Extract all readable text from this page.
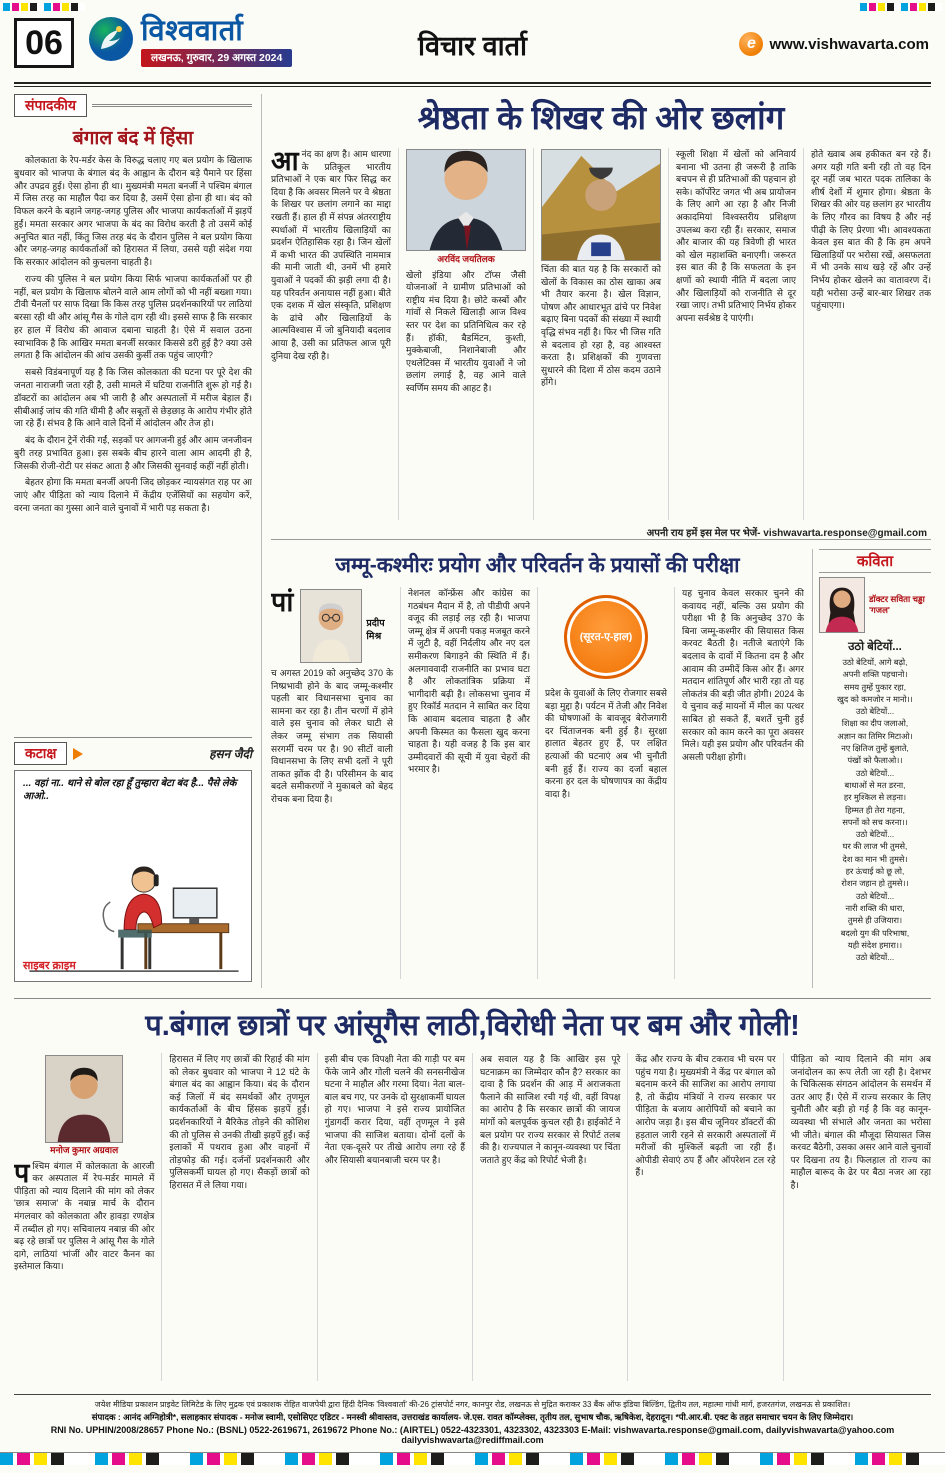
06	विश्ववार्ता
लखनऊ, गुरुवार, 29 अगस्त 2024	विचार वार्ता	e www.vishwavarta.com
संपादकीय
बंगाल बंद में हिंसा

कोलकाता के रेप-मर्डर केस के विरुद्ध चलाए गए बल प्रयोग के खिलाफ बुधवार को भाजपा के बंगाल बंद के आह्वान के दौरान बड़े पैमाने पर हिंसा और उपद्रव हुई। ऐसा होना ही था। मुख्यमंत्री ममता बनर्जी ने पश्चिम बंगाल में जिस तरह का माहौल पैदा कर दिया है, उसमें ऐसा होना ही था। बंद को विफल करने के बहाने जगह-जगह पुलिस और भाजपा कार्यकर्ताओं में झड़पें हुईं। ममता सरकार अगर भाजपा के बंद का विरोध करती है तो उसमें कोई अनुचित बात नहीं, किंतु जिस तरह बंद के दौरान पुलिस ने बल प्रयोग किया और जगह-जगह कार्यकर्ताओं को हिरासत में लिया, उससे यही संदेश गया कि सरकार आंदोलन को कुचलना चाहती है।

राज्य की पुलिस ने बल प्रयोग किया सिर्फ भाजपा कार्यकर्ताओं पर ही नहीं, बल प्रयोग के खिलाफ बोलने वाले आम लोगों को भी नहीं बख्शा गया। टीवी चैनलों पर साफ दिखा कि किस तरह पुलिस प्रदर्शनकारियों पर लाठियां बरसा रही थी और आंसू गैस के गोले दाग रही थी। इससे साफ है कि सरकार हर हाल में विरोध की आवाज दबाना चाहती है। ऐसे में सवाल उठना स्वाभाविक है कि आखिर ममता बनर्जी सरकार किससे डरी हुई है? क्या उसे लगता है कि आंदोलन की आंच उसकी कुर्सी तक पहुंच जाएगी?

सबसे विडंबनापूर्ण यह है कि जिस कोलकाता की घटना पर पूरे देश की जनता नाराजगी जता रही है, उसी मामले में घटिया राजनीति शुरू हो गई है। डॉक्टरों का आंदोलन अब भी जारी है और अस्पतालों में मरीज बेहाल हैं। सीबीआई जांच की गति धीमी है और सबूतों से छेड़छाड़ के आरोप गंभीर होते जा रहे हैं। संभव है कि आने वाले दिनों में आंदोलन और तेज हो।

बंद के दौरान ट्रेनें रोकी गईं, सड़कों पर आगजनी हुई और आम जनजीवन बुरी तरह प्रभावित हुआ। इस सबके बीच हारने वाला आम आदमी ही है, जिसकी रोजी-रोटी पर संकट आता है और जिसकी सुनवाई कहीं नहीं होती।

बेहतर होगा कि ममता बनर्जी अपनी जिद छोड़कर न्यायसंगत राह पर आ जाएं और पीड़िता को न्याय दिलाने में केंद्रीय एजेंसियों का सहयोग करें, वरना जनता का गुस्सा आने वाले चुनावों में भारी पड़ सकता है।

कटाक्ष	हसन जैदी
... वहां ना.. थाने से बोल रहा हूँ तुम्हारा बेटा बंद है... पैसे लेके आओ..
साइबर क्राइम
श्रेष्ठता के शिखर की ओर छलांग
आ नंद का क्षण है। आम धारणा के प्रतिकूल भारतीय प्रतिभाओं ने एक बार फिर सिद्ध कर दिया है कि अवसर मिलने पर वे श्रेष्ठता के शिखर पर छलांग लगाने का माद्दा रखती हैं। हाल ही में संपन्न अंतरराष्ट्रीय स्पर्धाओं में भारतीय खिलाड़ियों का प्रदर्शन ऐतिहासिक रहा है। जिन खेलों में कभी भारत की उपस्थिति नाममात्र की मानी जाती थी, उनमें भी हमारे युवाओं ने पदकों की झड़ी लगा दी है। यह परिवर्तन अनायास नहीं हुआ। बीते एक दशक में खेल संस्कृति, प्रशिक्षण के ढांचे और खिलाड़ियों के आत्मविश्वास में जो बुनियादी बदलाव आया है, उसी का प्रतिफल आज पूरी दुनिया देख रही है।
अरविंद जयतिलक
खेलो इंडिया और टॉप्स जैसी योजनाओं ने ग्रामीण प्रतिभाओं को राष्ट्रीय मंच दिया है। छोटे कस्बों और गांवों से निकले खिलाड़ी आज विश्व स्तर पर देश का प्रतिनिधित्व कर रहे हैं। हॉकी, बैडमिंटन, कुश्ती, मुक्केबाजी, निशानेबाजी और एथलेटिक्स में भारतीय युवाओं ने जो छलांग लगाई है, वह आने वाले स्वर्णिम समय की आहट है।
चिंता की बात यह है कि सरकारों को खेलों के विकास का ठोस खाका अब भी तैयार करना है। खेल विज्ञान, पोषण और आधारभूत ढांचे पर निवेश बढ़ाए बिना पदकों की संख्या में स्थायी वृद्धि संभव नहीं है। फिर भी जिस गति से बदलाव हो रहा है, वह आश्वस्त करता है। प्रशिक्षकों की गुणवत्ता सुधारने की दिशा में ठोस कदम उठाने होंगे।
स्कूली शिक्षा में खेलों को अनिवार्य बनाना भी उतना ही जरूरी है ताकि बचपन से ही प्रतिभाओं की पहचान हो सके। कॉर्पोरेट जगत भी अब प्रायोजन के लिए आगे आ रहा है और निजी अकादमियां विश्वस्तरीय प्रशिक्षण उपलब्ध करा रही हैं। सरकार, समाज और बाजार की यह त्रिवेणी ही भारत को खेल महाशक्ति बनाएगी। जरूरत इस बात की है कि सफलता के इन क्षणों को स्थायी नीति में बदला जाए और खिलाड़ियों को राजनीति से दूर रखा जाए। तभी प्रतिभाएं निर्भय होकर अपना सर्वश्रेष्ठ दे पाएंगी।
होते ख्वाब अब हकीकत बन रहे हैं। अगर यही गति बनी रही तो वह दिन दूर नहीं जब भारत पदक तालिका के शीर्ष देशों में शुमार होगा। श्रेष्ठता के शिखर की ओर यह छलांग हर भारतीय के लिए गौरव का विषय है और नई पीढ़ी के लिए प्रेरणा भी। आवश्यकता केवल इस बात की है कि हम अपने खिलाड़ियों पर भरोसा रखें, असफलता में भी उनके साथ खड़े रहें और उन्हें निर्भय होकर खेलने का वातावरण दें। यही भरोसा उन्हें बार-बार शिखर तक पहुंचाएगा।
अपनी राय हमें इस मेल पर भेजें- vishwavarta.response@gmail.com
जम्मू-कश्मीरः प्रयोग और परिवर्तन के प्रयासों की परीक्षा
पां
प्रदीप मिश्र
च अगस्त 2019 को अनुच्छेद 370 के निष्प्रभावी होने के बाद जम्मू-कश्मीर पहली बार विधानसभा चुनाव का सामना कर रहा है। तीन चरणों में होने वाले इस चुनाव को लेकर घाटी से लेकर जम्मू संभाग तक सियासी सरगर्मी चरम पर है। 90 सीटों वाली विधानसभा के लिए सभी दलों ने पूरी ताकत झोंक दी है। परिसीमन के बाद बदले समीकरणों ने मुकाबले को बेहद रोचक बना दिया है।
नेशनल कॉन्फ्रेंस और कांग्रेस का गठबंधन मैदान में है, तो पीडीपी अपने वजूद की लड़ाई लड़ रही है। भाजपा जम्मू क्षेत्र में अपनी पकड़ मजबूत करने में जुटी है, वहीं निर्दलीय और नए दल समीकरण बिगाड़ने की स्थिति में हैं। अलगाववादी राजनीति का प्रभाव घटा है और लोकतांत्रिक प्रक्रिया में भागीदारी बढ़ी है। लोकसभा चुनाव में हुए रिकॉर्ड मतदान ने साबित कर दिया कि आवाम बदलाव चाहता है और अपनी किस्मत का फैसला खुद करना चाहता है। यही वजह है कि इस बार उम्मीदवारों की सूची में युवा चेहरों की भरमार है।
(सूरत-ए-हाल)
प्रदेश के युवाओं के लिए रोजगार सबसे बड़ा मुद्दा है। पर्यटन में तेजी और निवेश की घोषणाओं के बावजूद बेरोजगारी दर चिंताजनक बनी हुई है। सुरक्षा हालात बेहतर हुए हैं, पर लक्षित हत्याओं की घटनाएं अब भी चुनौती बनी हुई हैं। राज्य का दर्जा बहाल करना हर दल के घोषणापत्र का केंद्रीय वादा है।
यह चुनाव केवल सरकार चुनने की कवायद नहीं, बल्कि उस प्रयोग की परीक्षा भी है कि अनुच्छेद 370 के बिना जम्मू-कश्मीर की सियासत किस करवट बैठती है। नतीजे बताएंगे कि बदलाव के दावों में कितना दम है और आवाम की उम्मीदें किस ओर हैं। अगर मतदान शांतिपूर्ण और भारी रहा तो यह लोकतंत्र की बड़ी जीत होगी। 2024 के ये चुनाव कई मायनों में मील का पत्थर साबित हो सकते हैं, बशर्ते चुनी हुई सरकार को काम करने का पूरा अवसर मिले। यही इस प्रयोग और परिवर्तन की असली परीक्षा होगी।
कविता
डॉक्टर सविता चड्ढा 'गजल'
उठो बेटियों...
उठो बेटियों, आगे बढ़ो,
अपनी शक्ति पहचानो।
समय तुम्हें पुकार रहा,
खुद को कमजोर न मानो।।
उठो बेटियों...
शिक्षा का दीप जलाओ,
अज्ञान का तिमिर मिटाओ।
नए क्षितिज तुम्हें बुलाते,
पंखों को फैलाओ।।
उठो बेटियों...
बाधाओं से मत डरना,
हर मुश्किल से लड़ना।
हिम्मत ही तेरा गहना,
सपनों को सच करना।।
उठो बेटियों...
घर की लाज भी तुमसे,
देश का मान भी तुमसे।
हर ऊंचाई को छू लो,
रोशन जहान हो तुमसे।।
उठो बेटियों...
नारी शक्ति की धारा,
तुमसे ही उजियारा।
बदलो युग की परिभाषा,
यही संदेश हमारा।।
उठो बेटियों...
प.बंगाल छात्रों पर आंसूगैस लाठी,विरोधी नेता पर बम और गोली!
मनोज कुमार अग्रवाल
प श्चिम बंगाल में कोलकाता के आरजी कर अस्पताल में रेप-मर्डर मामले में पीड़िता को न्याय दिलाने की मांग को लेकर 'छात्र समाज' के नबान्न मार्च के दौरान मंगलवार को कोलकाता और हावड़ा रणक्षेत्र में तब्दील हो गए। सचिवालय नबान्न की ओर बढ़ रहे छात्रों पर पुलिस ने आंसू गैस के गोले दागे, लाठियां भांजीं और वाटर कैनन का इस्तेमाल किया।
हिरासत में लिए गए छात्रों की रिहाई की मांग को लेकर बुधवार को भाजपा ने 12 घंटे के बंगाल बंद का आह्वान किया। बंद के दौरान कई जिलों में बंद समर्थकों और तृणमूल कार्यकर्ताओं के बीच हिंसक झड़पें हुईं। प्रदर्शनकारियों ने बैरिकेड तोड़ने की कोशिश की तो पुलिस से उनकी तीखी झड़पें हुईं। कई इलाकों में पथराव हुआ और वाहनों में तोड़फोड़ की गई। दर्जनों प्रदर्शनकारी और पुलिसकर्मी घायल हो गए। सैकड़ों छात्रों को हिरासत में ले लिया गया।
इसी बीच एक विपक्षी नेता की गाड़ी पर बम फेंके जाने और गोली चलने की सनसनीखेज घटना ने माहौल और गरमा दिया। नेता बाल-बाल बच गए, पर उनके दो सुरक्षाकर्मी घायल हो गए। भाजपा ने इसे राज्य प्रायोजित गुंडागर्दी करार दिया, वहीं तृणमूल ने इसे भाजपा की साजिश बताया। दोनों दलों के नेता एक-दूसरे पर तीखे आरोप लगा रहे हैं और सियासी बयानबाजी चरम पर है।
अब सवाल यह है कि आखिर इस पूरे घटनाक्रम का जिम्मेदार कौन है? सरकार का दावा है कि प्रदर्शन की आड़ में अराजकता फैलाने की साजिश रची गई थी, वहीं विपक्ष का आरोप है कि सरकार छात्रों की जायज मांगों को बलपूर्वक कुचल रही है। हाईकोर्ट ने बल प्रयोग पर राज्य सरकार से रिपोर्ट तलब की है। राज्यपाल ने कानून-व्यवस्था पर चिंता जताते हुए केंद्र को रिपोर्ट भेजी है।
केंद्र और राज्य के बीच टकराव भी चरम पर पहुंच गया है। मुख्यमंत्री ने केंद्र पर बंगाल को बदनाम करने की साजिश का आरोप लगाया है, तो केंद्रीय मंत्रियों ने राज्य सरकार पर पीड़िता के बजाय आरोपियों को बचाने का आरोप जड़ा है। इस बीच जूनियर डॉक्टरों की हड़ताल जारी रहने से सरकारी अस्पतालों में मरीजों की मुश्किलें बढ़ती जा रही हैं। ओपीडी सेवाएं ठप हैं और ऑपरेशन टल रहे हैं।
पीड़िता को न्याय दिलाने की मांग अब जनांदोलन का रूप लेती जा रही है। देशभर के चिकित्सक संगठन आंदोलन के समर्थन में उतर आए हैं। ऐसे में राज्य सरकार के लिए चुनौती और बड़ी हो गई है कि वह कानून-व्यवस्था भी संभाले और जनता का भरोसा भी जीते। बंगाल की मौजूदा सियासत जिस करवट बैठेगी, उसका असर आने वाले चुनावों पर दिखना तय है। फिलहाल तो राज्य का माहौल बारूद के ढेर पर बैठा नजर आ रहा है।
जयेश मीडिया प्रकाशन प्राइवेट लिमिटेड के लिए मुद्रक एवं प्रकाशक रोहित वाजपेयी द्वारा हिंदी दैनिक 'विश्ववार्ता' की-26 ट्रांसपोर्ट नगर, कानपुर रोड, लखनऊ से मुद्रित कराकर 33 बैंक ऑफ इंडिया बिल्डिंग, द्वितीय तल, महात्मा गांधी मार्ग, हजरतगंज, लखनऊ से प्रकाशित।
संपादक : आनंद अग्निहोत्री*, सलाहकार संपादक - मनोज स्वामी, एसोसिएट एडिटर - मनस्वी श्रीवास्तव, उत्तराखंड कार्यालय- जे.एस. रावत कॉम्प्लेक्स, तृतीय तल, सुभाष चौक, ऋषिकेश, देहरादून। *पी.आर.बी. एक्ट के तहत समाचार चयन के लिए जिम्मेदार।
RNI No. UPHIN/2008/28657 Phone No.: (BSNL) 0522-2619671, 2619672 Phone No.: (AIRTEL) 0522-4323301, 4323302, 4323303 E-Mail: vishwavarta.response@gmail.com, dailyvishwavarta@yahoo.com dailyvishwavarta@rediffmail.com
